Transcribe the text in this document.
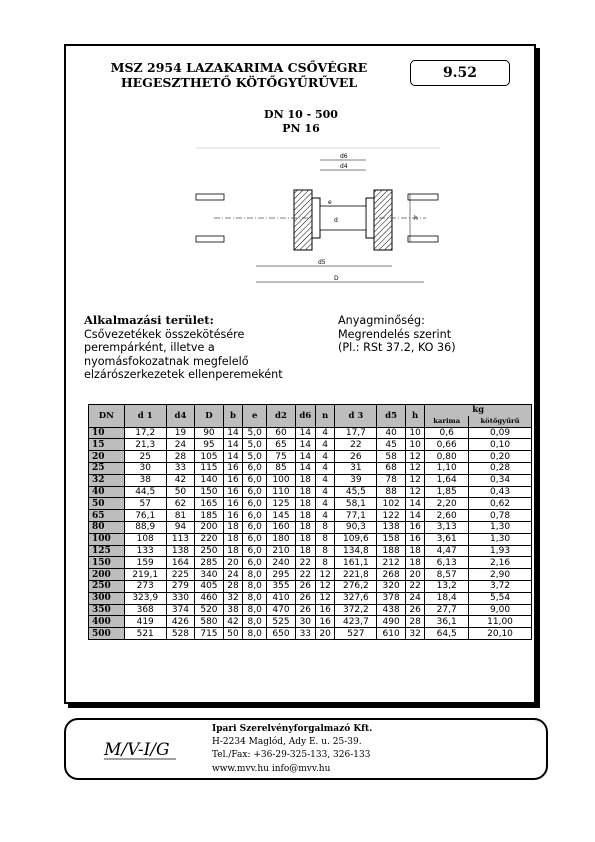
MSZ 2954 LAZAKARIMA CSŐVÉGRE
HEGESZTHETŐ KÖTŐGYŰRŰVEL
9.52
DN 10 - 500
PN 16
d6
d4
e
d	h
d5
D
Alkalmazási terület:
Csővezetékek összekötésére
perempárként, illetve a
nyomásfokozatnak megfelelő
elzárószerkezetek ellenperemeként
Anyagminőség:
Megrendelés szerint
(Pl.: RSt 37.2, KO 36)
DN	d 1	d4	D	b	e	d2	d6	n	d 3	d5	h	kg	
												karima	kötőgyűrű
10	17,2	19	90	14	5,0	60	14	4	17,7	40	10	0,6	0,09
15	21,3	24	95	14	5,0	65	14	4	22	45	10	0,66	0,10
20	25	28	105	14	5,0	75	14	4	26	58	12	0,80	0,20
25	30	33	115	16	6,0	85	14	4	31	68	12	1,10	0,28
32	38	42	140	16	6,0	100	18	4	39	78	12	1,64	0,34
40	44,5	50	150	16	6,0	110	18	4	45,5	88	12	1,85	0,43
50	57	62	165	16	6,0	125	18	4	58,1	102	14	2,20	0,62
65	76,1	81	185	16	6,0	145	18	4	77,1	122	14	2,60	0,78
80	88,9	94	200	18	6,0	160	18	8	90,3	138	16	3,13	1,30
100	108	113	220	18	6,0	180	18	8	109,6	158	16	3,61	1,30
125	133	138	250	18	6,0	210	18	8	134,8	188	18	4,47	1,93
150	159	164	285	20	6,0	240	22	8	161,1	212	18	6,13	2,16
200	219,1	225	340	24	8,0	295	22	12	221,8	268	20	8,57	2,90
250	273	279	405	28	8,0	355	26	12	276,2	320	22	13,2	3,72
300	323,9	330	460	32	8,0	410	26	12	327,6	378	24	18,4	5,54
350	368	374	520	38	8,0	470	26	16	372,2	438	26	27,7	9,00
400	419	426	580	42	8,0	525	30	16	423,7	490	28	36,1	11,00
500	521	528	715	50	8,0	650	33	20	527	610	32	64,5	20,10
M/V-I/G
Ipari Szerelvényforgalmazó Kft.
H-2234 Maglód, Ady E. u. 25-39.
Tel./Fax: +36-29-325-133, 326-133
www.mvv.hu info@mvv.hu
